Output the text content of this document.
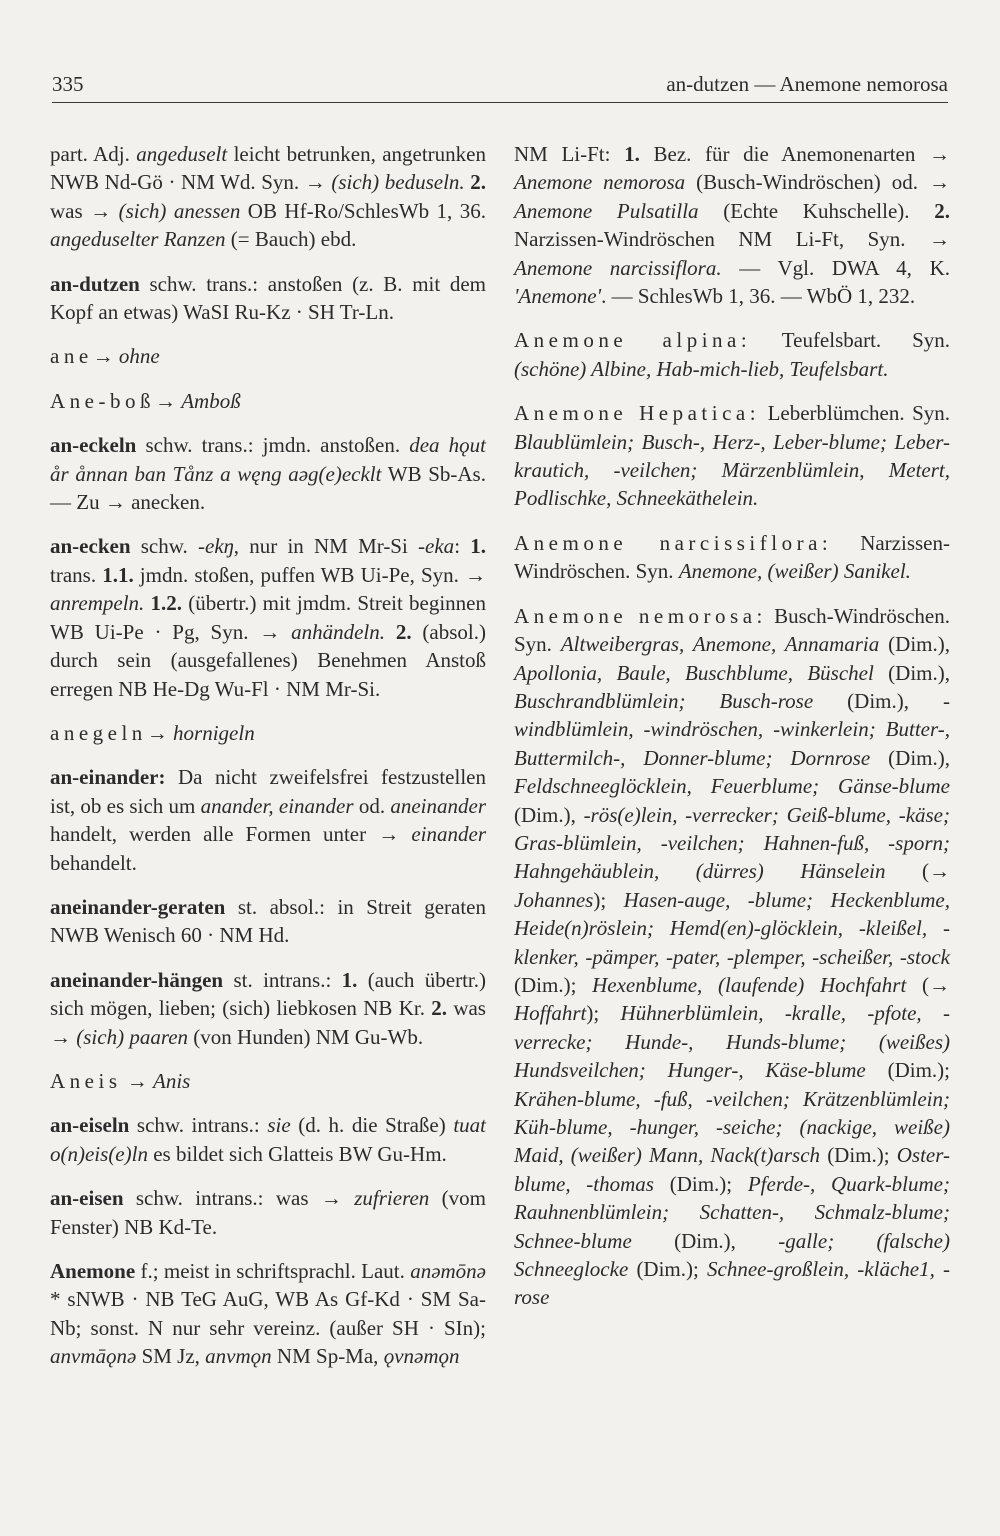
335	an-dutzen — Anemone nemorosa

part. Adj. angeduselt leicht betrunken, angetrunken NWB Nd-Gö · NM Wd. Syn. → (sich) beduseln. 2. was → (sich) anessen OB Hf-Ro/SchlesWb 1, 36. angeduselter Ranzen (= Bauch) ebd.

an-dutzen schw. trans.: anstoßen (z. B. mit dem Kopf an etwas) WaSI Ru-Kz · SH Tr-Ln.

ane→ ohne

Ane-boß→ Amboß

an-eckeln schw. trans.: jmdn. anstoßen. dea hǫut år ånnan ban Tånz a węng aəg(e)ecklt WB Sb-As. — Zu → anecken.

an-ecken schw. -ekŋ, nur in NM Mr-Si -eka: 1. trans. 1.1. jmdn. stoßen, puffen WB Ui-Pe, Syn. → anrempeln. 1.2. (übertr.) mit jmdm. Streit beginnen WB Ui-Pe · Pg, Syn. → anhändeln. 2. (absol.) durch sein (ausgefallenes) Benehmen Anstoß erregen NB He-Dg Wu-Fl · NM Mr-Si.

anegeln→ hornigeln

an-einander: Da nicht zweifelsfrei festzustellen ist, ob es sich um anander, einander od. aneinander handelt, werden alle Formen unter → einander behandelt.

aneinander-geraten st. absol.: in Streit geraten NWB Wenisch 60 · NM Hd.

aneinander-hängen st. intrans.: 1. (auch übertr.) sich mögen, lieben; (sich) liebkosen NB Kr. 2. was → (sich) paaren (von Hunden) NM Gu-Wb.

Aneis → Anis

an-eiseln schw. intrans.: sie (d. h. die Straße) tuat o(n)eis(e)ln es bildet sich Glatteis BW Gu-Hm.

an-eisen schw. intrans.: was → zufrieren (vom Fenster) NB Kd-Te.

Anemone f.; meist in schriftsprachl. Laut. anəmōnə * sNWB · NB TeG AuG, WB As Gf-Kd · SM Sa-Nb; sonst. N nur sehr vereinz. (außer SH · SIn); anvmāǫnə SM Jz, anvmǫn NM Sp-Ma, ǫvnəmǫn

NM Li-Ft: 1. Bez. für die Anemonenarten → Anemone nemorosa (Busch-Windröschen) od. → Anemone Pulsatilla (Echte Kuhschelle). 2. Narzissen-Windröschen NM Li-Ft, Syn. → Anemone narcissiflora. — Vgl. DWA 4, K. 'Anemone'. — SchlesWb 1, 36. — WbÖ 1, 232.

Anemone alpina: Teufelsbart. Syn. (schöne) Albine, Hab-mich-lieb, Teufelsbart.

Anemone Hepatica: Leberblümchen. Syn. Blaublümlein; Busch-, Herz-, Leber-blume; Leber-krautich, -veilchen; Märzenblümlein, Metert, Podlischke, Schneekäthelein.

Anemone narcissiflora: Narzissen-Windröschen. Syn. Anemone, (weißer) Sanikel.

Anemone nemorosa: Busch-Windröschen. Syn. Altweibergras, Anemone, Annamaria (Dim.), Apollonia, Baule, Buschblume, Büschel (Dim.), Buschrandblümlein; Busch-rose (Dim.), -windblümlein, -windröschen, -winkerlein; Butter-, Buttermilch-, Donner-blume; Dornrose (Dim.), Feldschneeglöcklein, Feuerblume; Gänse-blume (Dim.), -rös(e)lein, -verrecker; Geiß-blume, -käse; Gras-blümlein, -veilchen; Hahnen-fuß, -sporn; Hahngehäublein, (dürres) Hänselein (→ Johannes); Hasen-auge, -blume; Heckenblume, Heide(n)röslein; Hemd(en)-glöcklein, -kleißel, -klenker, -pämper, -pater, -plemper, -scheißer, -stock (Dim.); Hexenblume, (laufende) Hochfahrt (→ Hoffahrt); Hühnerblümlein, -kralle, -pfote, -verrecke; Hunde-, Hunds-blume; (weißes) Hundsveilchen; Hunger-, Käse-blume (Dim.); Krähen-blume, -fuß, -veilchen; Krätzenblümlein; Küh-blume, -hunger, -seiche; (nackige, weiße) Maid, (weißer) Mann, Nack(t)arsch (Dim.); Oster-blume, -thomas (Dim.); Pferde-, Quark-blume; Rauhnenblümlein; Schatten-, Schmalz-blume; Schnee-blume (Dim.), -galle; (falsche) Schneeglocke (Dim.); Schnee-großlein, -kläche1, -rose
